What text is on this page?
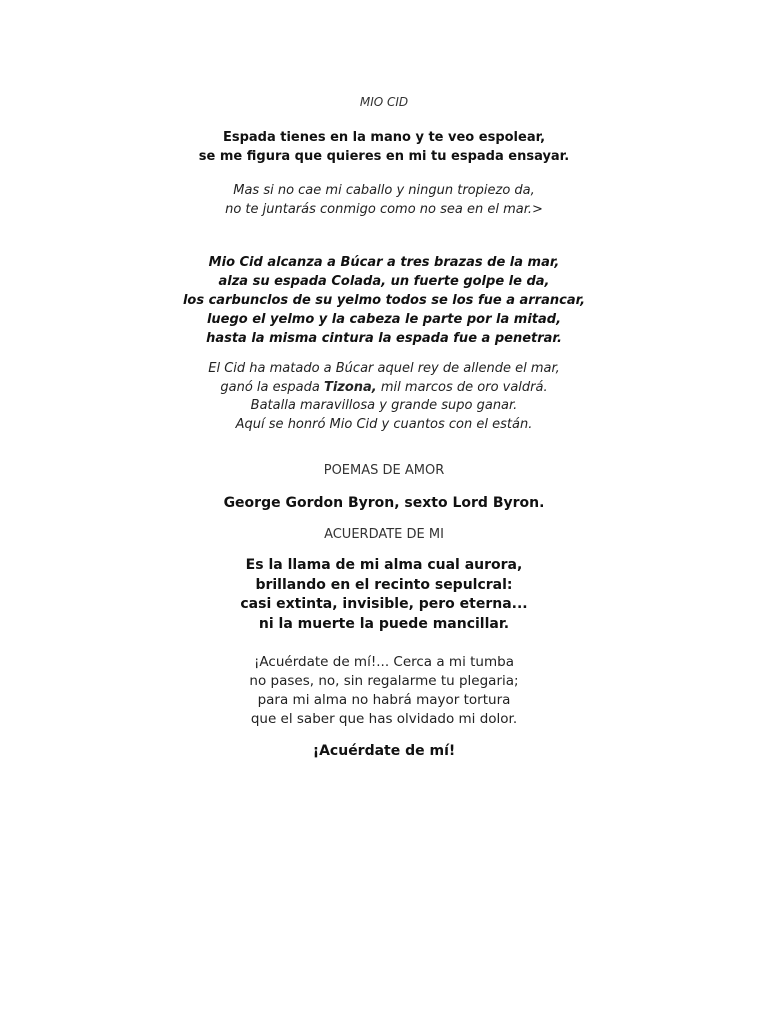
MIO CID

Espada tienes en la mano y te veo espolear,
se me figura que quieres en mi tu espada ensayar.

Mas si no cae mi caballo y ningun tropiezo da,
no te juntarás conmigo como no sea en el mar.>

Mio Cid alcanza a Búcar a tres brazas de la mar,
alza su espada Colada, un fuerte golpe le da,
los carbunclos de su yelmo todos se los fue a arrancar,
luego el yelmo y la cabeza le parte por la mitad,
hasta la misma cintura la espada fue a penetrar.

El Cid ha matado a Búcar aquel rey de allende el mar,
ganó la espada Tizona, mil marcos de oro valdrá.
Batalla maravillosa y grande supo ganar.
Aquí se honró Mio Cid y cuantos con el están.

POEMAS DE AMOR

George Gordon Byron, sexto Lord Byron.

ACUERDATE DE MI

Es la llama de mi alma cual aurora,
brillando en el recinto sepulcral:
casi extinta, invisible, pero eterna...
ni la muerte la puede mancillar.

¡Acuérdate de mí!... Cerca a mi tumba
no pases, no, sin regalarme tu plegaria;
para mi alma no habrá mayor tortura
que el saber que has olvidado mi dolor.

¡Acuérdate de mí!
